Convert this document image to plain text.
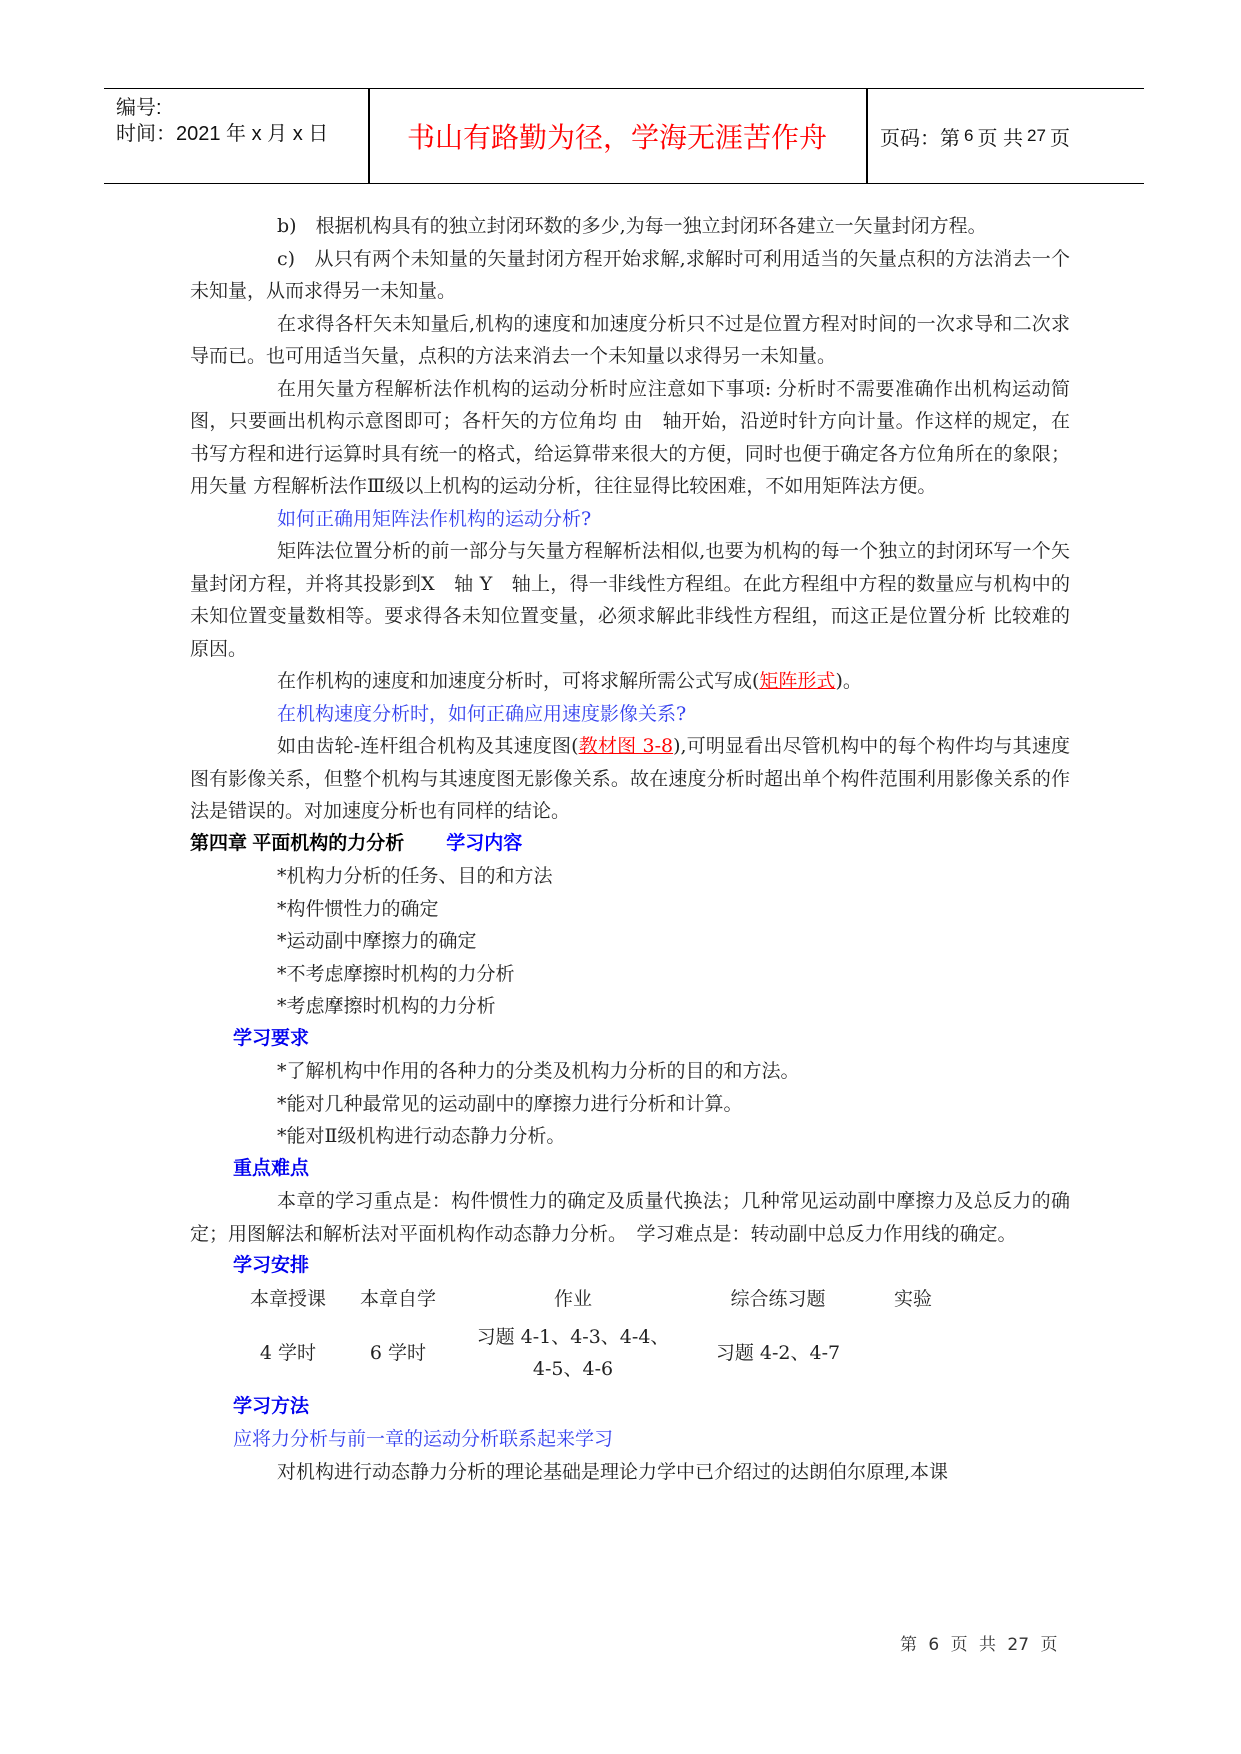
编号:
时间：2021 年 x 月 x 日	书山有路勤为径，学海无涯苦作舟	页码：第 6 页 共 27 页

b)　根据机构具有的独立封闭环数的多少,为每一独立封闭环各建立一矢量封闭方程。

c)　从只有两个未知量的矢量封闭方程开始求解,求解时可利用适当的矢量点积的方法消去一个未知量，从而求得另一未知量。

在求得各杆矢未知量后,机构的速度和加速度分析只不过是位置方程对时间的一次求导和二次求导而已。也可用适当矢量，点积的方法来消去一个未知量以求得另一未知量。

在用矢量方程解析法作机构的运动分析时应注意如下事项: 分析时不需要准确作出机构运动简图，只要画出机构示意图即可；各杆矢的方位角均 由　轴开始，沿逆时针方向计量。作这样的规定，在书写方程和进行运算时具有统一的格式，给运算带来很大的方便，同时也便于确定各方位角所在的象限；用矢量 方程解析法作Ⅲ级以上机构的运动分析，往往显得比较困难，不如用矩阵法方便。

如何正确用矩阵法作机构的运动分析?

矩阵法位置分析的前一部分与矢量方程解析法相似,也要为机构的每一个独立的封闭环写一个矢量封闭方程，并将其投影到X　轴 Y　轴上，得一非线性方程组。在此方程组中方程的数量应与机构中的未知位置变量数相等。要求得各未知位置变量，必须求解此非线性方程组，而这正是位置分析 比较难的原因。

在作机构的速度和加速度分析时，可将求解所需公式写成(矩阵形式)。

在机构速度分析时，如何正确应用速度影像关系?

如由齿轮-连杆组合机构及其速度图(教材图 3-8),可明显看出尽管机构中的每个构件均与其速度图有影像关系，但整个机构与其速度图无影像关系。故在速度分析时超出单个构件范围利用影像关系的作法是错误的。对加速度分析也有同样的结论。

第四章 平面机构的力分析 学习内容
*机构力分析的任务、目的和方法
*构件惯性力的确定
*运动副中摩擦力的确定
*不考虑摩擦时机构的力分析
*考虑摩擦时机构的力分析
学习要求
*了解机构中作用的各种力的分类及机构力分析的目的和方法。
*能对几种最常见的运动副中的摩擦力进行分析和计算。
*能对Ⅱ级机构进行动态静力分析。
重点难点

本章的学习重点是：构件惯性力的确定及质量代换法；几种常见运动副中摩擦力及总反力的确定；用图解法和解析法对平面机构作动态静力分析。　学习难点是：转动副中总反力作用线的确定。

学习安排
本章授课	本章自学	作业	综合练习题	实验
4 学时	6 学时	习题 4-1、4-3、4-4、
4-5、4-6	习题 4-2、4-7	
学习方法
应将力分析与前一章的运动分析联系起来学习

对机构进行动态静力分析的理论基础是理论力学中已介绍过的达朗伯尔原理,本课

第 6 页 共 27 页
